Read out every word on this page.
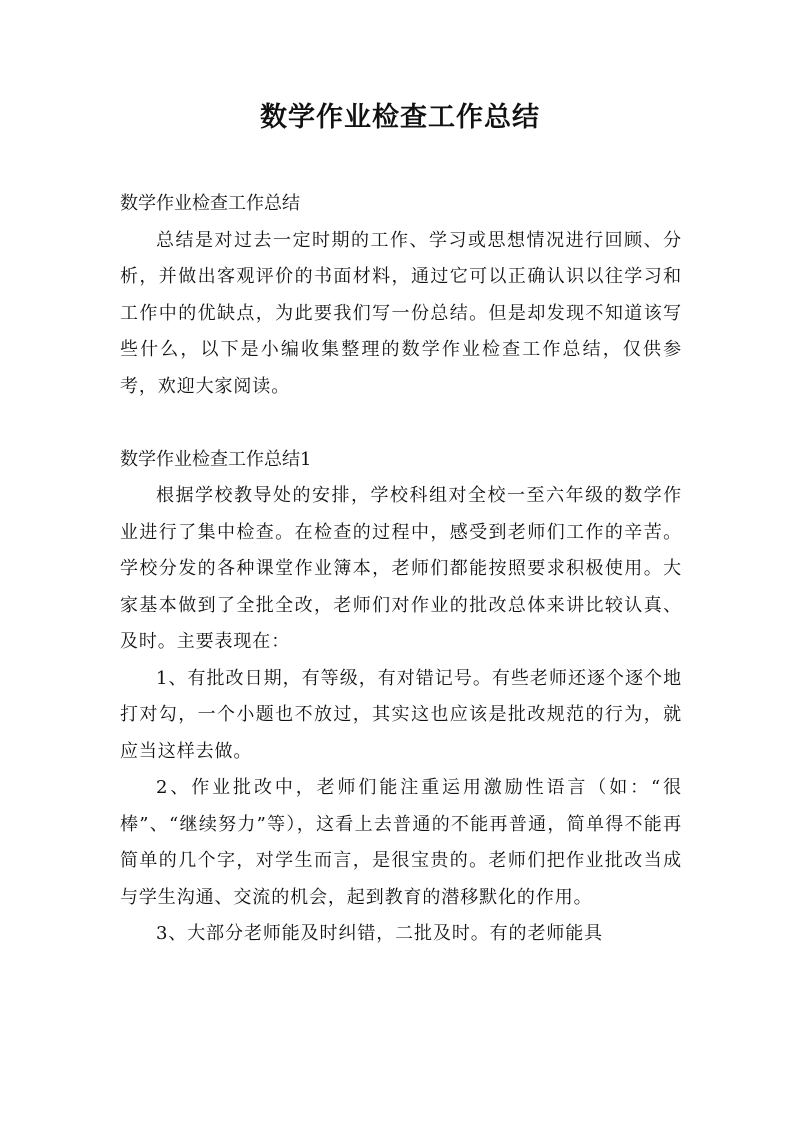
数学作业检查工作总结

数学作业检查工作总结

总结是对过去一定时期的工作、学习或思想情况进行回顾、分析，并做出客观评价的书面材料，通过它可以正确认识以往学习和工作中的优缺点，为此要我们写一份总结。但是却发现不知道该写些什么，以下是小编收集整理的数学作业检查工作总结，仅供参考，欢迎大家阅读。

数学作业检查工作总结1

根据学校教导处的安排，学校科组对全校一至六年级的数学作业进行了集中检查。在检查的过程中，感受到老师们工作的辛苦。学校分发的各种课堂作业簿本，老师们都能按照要求积极使用。大家基本做到了全批全改，老师们对作业的批改总体来讲比较认真、及时。主要表现在：

1、有批改日期，有等级，有对错记号。有些老师还逐个逐个地打对勾，一个小题也不放过，其实这也应该是批改规范的行为，就应当这样去做。

2、作业批改中，老师们能注重运用激励性语言（如：“很棒”、“继续努力”等），这看上去普通的不能再普通，简单得不能再简单的几个字，对学生而言，是很宝贵的。老师们把作业批改当成与学生沟通、交流的机会，起到教育的潜移默化的作用。

3、大部分老师能及时纠错，二批及时。有的老师能具
